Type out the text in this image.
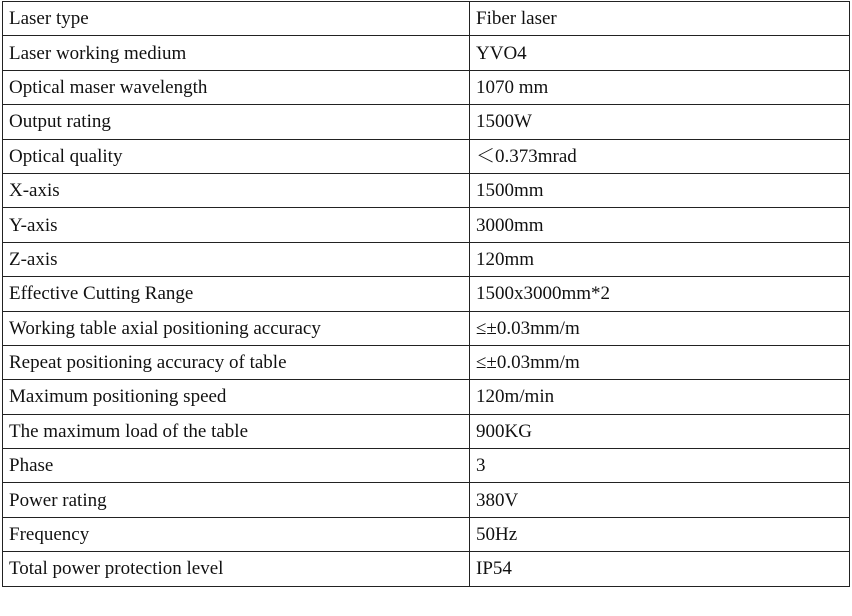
Laser type	Fiber laser
Laser working medium	YVO4
Optical maser wavelength	1070 mm
Output rating	1500W
Optical quality	＜0.373mrad
X-axis	1500mm
Y-axis	3000mm
Z-axis	120mm
Effective Cutting Range	1500x3000mm*2
Working table axial positioning accuracy	≤±0.03mm/m
Repeat positioning accuracy of table	≤±0.03mm/m
Maximum positioning speed	120m/min
The maximum load of the table	900KG
Phase	3
Power rating	380V
Frequency	50Hz
Total power protection level	IP54
